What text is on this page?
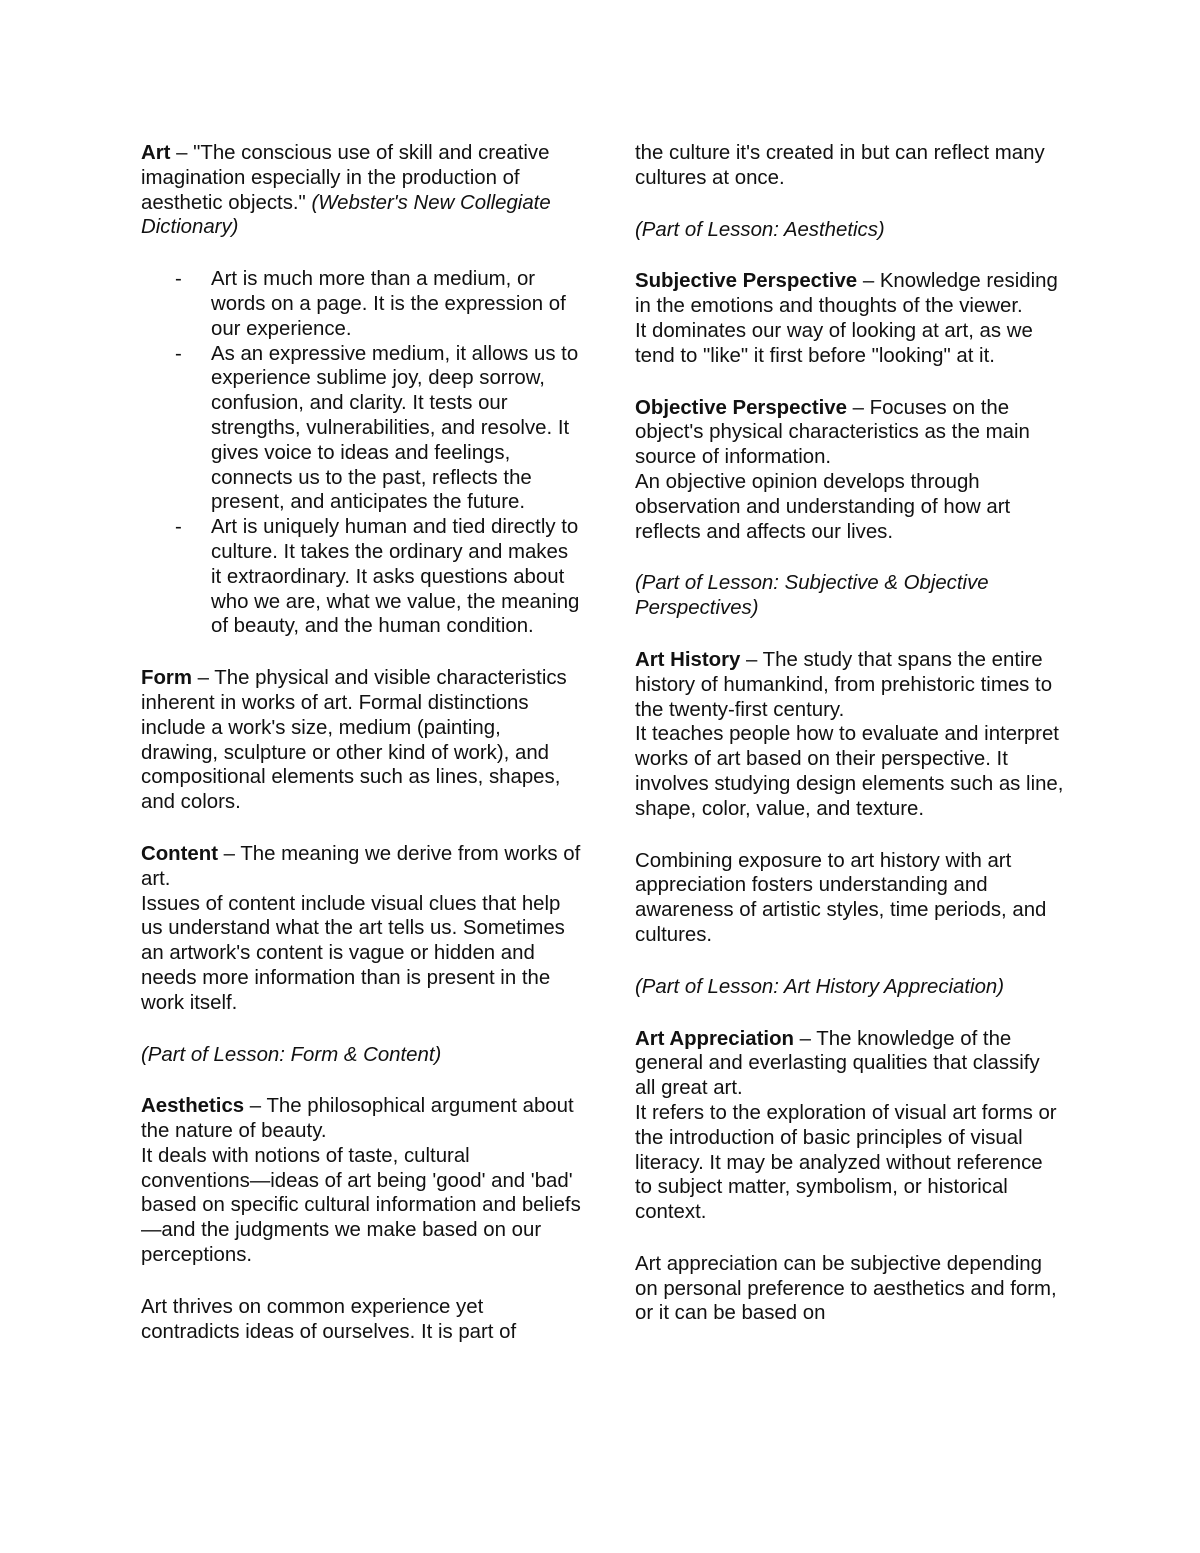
Art – "The conscious use of skill and creative imagination especially in the production of aesthetic objects." (Webster's New Collegiate Dictionary)

- Art is much more than a medium, or words on a page. It is the expression of our experience.
- As an expressive medium, it allows us to experience sublime joy, deep sorrow, confusion, and clarity. It tests our strengths, vulnerabilities, and resolve. It gives voice to ideas and feelings, connects us to the past, reflects the present, and anticipates the future.
- Art is uniquely human and tied directly to culture. It takes the ordinary and makes it extraordinary. It asks questions about who we are, what we value, the meaning of beauty, and the human condition.

Form – The physical and visible characteristics inherent in works of art. Formal distinctions include a work's size, medium (painting, drawing, sculpture or other kind of work), and compositional elements such as lines, shapes, and colors.

Content – The meaning we derive from works of art.

Issues of content include visual clues that help us understand what the art tells us. Sometimes an artwork's content is vague or hidden and needs more information than is present in the work itself.

(Part of Lesson: Form & Content)

Aesthetics – The philosophical argument about the nature of beauty.

It deals with notions of taste, cultural conventions—ideas of art being 'good' and 'bad' based on specific cultural information and beliefs—and the judgments we make based on our perceptions.

Art thrives on common experience yet contradicts ideas of ourselves. It is part of

the culture it's created in but can reflect many cultures at once.

(Part of Lesson: Aesthetics)

Subjective Perspective – Knowledge residing in the emotions and thoughts of the viewer.

It dominates our way of looking at art, as we tend to "like" it first before "looking" at it.

Objective Perspective – Focuses on the object's physical characteristics as the main source of information.

An objective opinion develops through observation and understanding of how art reflects and affects our lives.

(Part of Lesson: Subjective & Objective Perspectives)

Art History – The study that spans the entire history of humankind, from prehistoric times to the twenty-first century.

It teaches people how to evaluate and interpret works of art based on their perspective. It involves studying design elements such as line, shape, color, value, and texture.

Combining exposure to art history with art appreciation fosters understanding and awareness of artistic styles, time periods, and cultures.

(Part of Lesson: Art History Appreciation)

Art Appreciation – The knowledge of the general and everlasting qualities that classify all great art.

It refers to the exploration of visual art forms or the introduction of basic principles of visual literacy. It may be analyzed without reference to subject matter, symbolism, or historical context.

Art appreciation can be subjective depending on personal preference to aesthetics and form, or it can be based on
